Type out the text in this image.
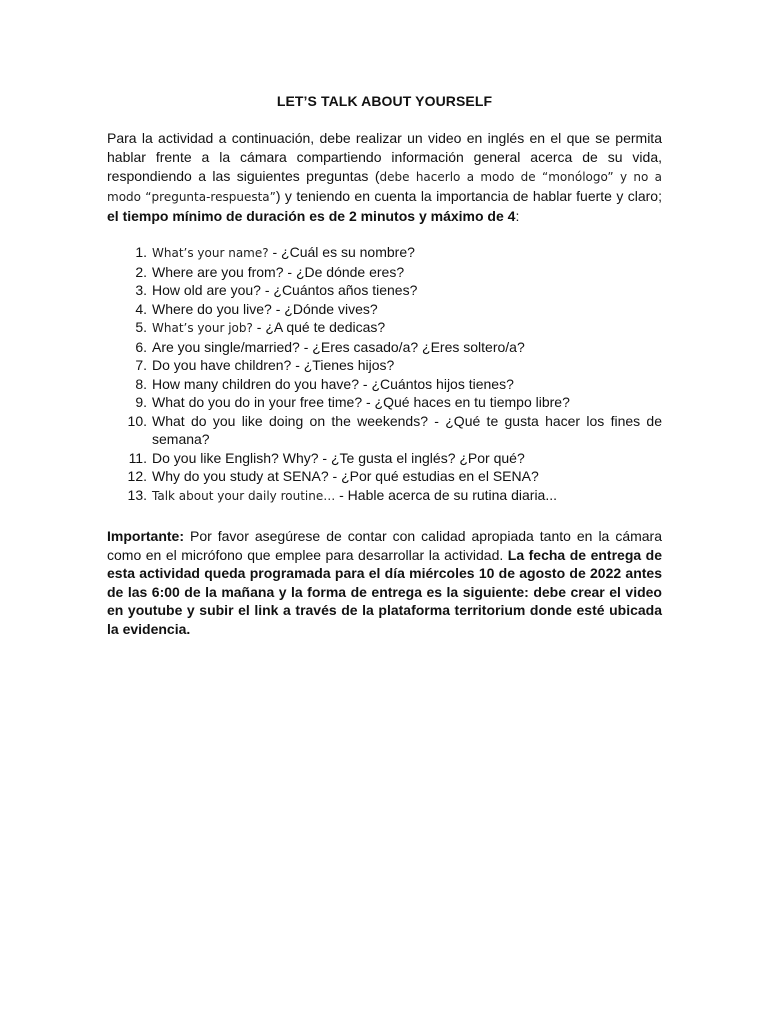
LET’S TALK ABOUT YOURSELF

Para la actividad a continuación, debe realizar un video en inglés en el que se permita hablar frente a la cámara compartiendo información general acerca de su vida, respondiendo a las siguientes preguntas (debe hacerlo a modo de “monólogo” y no a modo “pregunta-respuesta”) y teniendo en cuenta la importancia de hablar fuerte y claro; el tiempo mínimo de duración es de 2 minutos y máximo de 4:

1. What’s your name? - ¿Cuál es su nombre?
2. Where are you from? - ¿De dónde eres?
3. How old are you? - ¿Cuántos años tienes?
4. Where do you live? - ¿Dónde vives?
5. What’s your job? - ¿A qué te dedicas?
6. Are you single/married? - ¿Eres casado/a? ¿Eres soltero/a?
7. Do you have children? - ¿Tienes hijos?
8. How many children do you have? - ¿Cuántos hijos tienes?
9. What do you do in your free time? - ¿Qué haces en tu tiempo libre?
10. What do you like doing on the weekends? - ¿Qué te gusta hacer los fines de semana?
11. Do you like English? Why? - ¿Te gusta el inglés? ¿Por qué?
12. Why do you study at SENA? - ¿Por qué estudias en el SENA?
13. Talk about your daily routine… - Hable acerca de su rutina diaria...

Importante: Por favor asegúrese de contar con calidad apropiada tanto en la cámara como en el micrófono que emplee para desarrollar la actividad. La fecha de entrega de esta actividad queda programada para el día miércoles 10 de agosto de 2022 antes de las 6:00 de la mañana y la forma de entrega es la siguiente: debe crear el video en youtube y subir el link a través de la plataforma territorium donde esté ubicada la evidencia.
